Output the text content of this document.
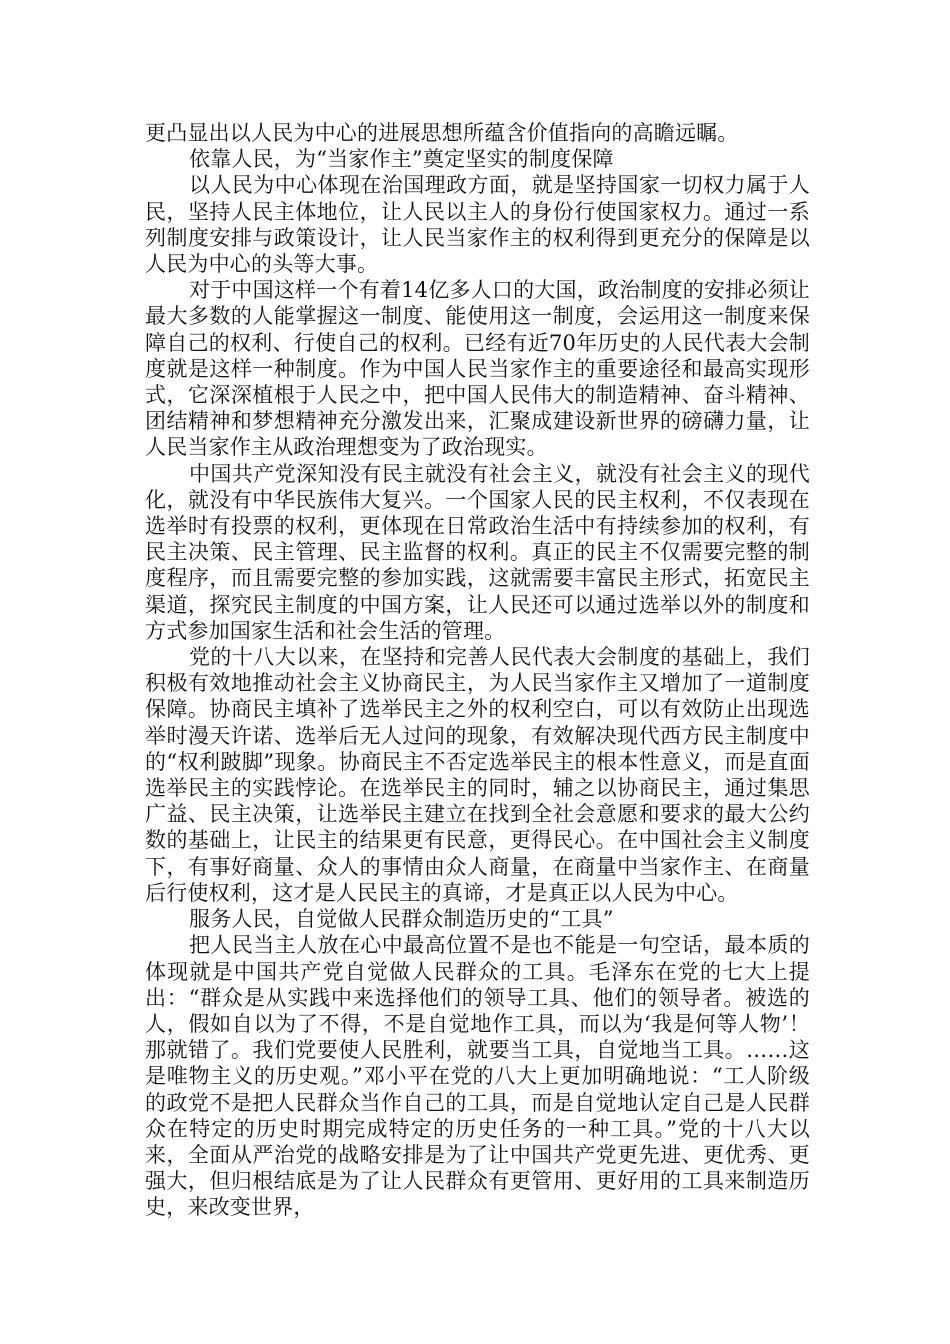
更凸显出以人民为中心的进展思想所蕴含价值指向的高瞻远瞩。

依靠人民，为“当家作主”奠定坚实的制度保障

以人民为中心体现在治国理政方面，就是坚持国家一切权力属于人民，坚持人民主体地位，让人民以主人的身份行使国家权力。通过一系列制度安排与政策设计，让人民当家作主的权利得到更充分的保障是以人民为中心的头等大事。

对于中国这样一个有着14亿多人口的大国，政治制度的安排必须让最大多数的人能掌握这一制度、能使用这一制度，会运用这一制度来保障自己的权利、行使自己的权利。已经有近70年历史的人民代表大会制度就是这样一种制度。作为中国人民当家作主的重要途径和最高实现形式，它深深植根于人民之中，把中国人民伟大的制造精神、奋斗精神、团结精神和梦想精神充分激发出来，汇聚成建设新世界的磅礴力量，让人民当家作主从政治理想变为了政治现实。

中国共产党深知没有民主就没有社会主义，就没有社会主义的现代化，就没有中华民族伟大复兴。一个国家人民的民主权利，不仅表现在选举时有投票的权利，更体现在日常政治生活中有持续参加的权利，有民主决策、民主管理、民主监督的权利。真正的民主不仅需要完整的制度程序，而且需要完整的参加实践，这就需要丰富民主形式，拓宽民主渠道，探究民主制度的中国方案，让人民还可以通过选举以外的制度和方式参加国家生活和社会生活的管理。

党的十八大以来，在坚持和完善人民代表大会制度的基础上，我们积极有效地推动社会主义协商民主，为人民当家作主又增加了一道制度保障。协商民主填补了选举民主之外的权利空白，可以有效防止出现选举时漫天许诺、选举后无人过问的现象，有效解决现代西方民主制度中的“权利跛脚”现象。协商民主不否定选举民主的根本性意义，而是直面选举民主的实践悖论。在选举民主的同时，辅之以协商民主，通过集思广益、民主决策，让选举民主建立在找到全社会意愿和要求的最大公约数的基础上，让民主的结果更有民意，更得民心。在中国社会主义制度下，有事好商量、众人的事情由众人商量，在商量中当家作主、在商量后行使权利，这才是人民民主的真谛，才是真正以人民为中心。

服务人民，自觉做人民群众制造历史的“工具”

把人民当主人放在心中最高位置不是也不能是一句空话，最本质的体现就是中国共产党自觉做人民群众的工具。毛泽东在党的七大上提出：“群众是从实践中来选择他们的领导工具、他们的领导者。被选的人，假如自以为了不得，不是自觉地作工具，而以为‘我是何等人物’！那就错了。我们党要使人民胜利，就要当工具，自觉地当工具。……这是唯物主义的历史观。”邓小平在党的八大上更加明确地说：“工人阶级的政党不是把人民群众当作自己的工具，而是自觉地认定自己是人民群众在特定的历史时期完成特定的历史任务的一种工具。”党的十八大以来，全面从严治党的战略安排是为了让中国共产党更先进、更优秀、更强大，但归根结底是为了让人民群众有更管用、更好用的工具来制造历史，来改变世界，
